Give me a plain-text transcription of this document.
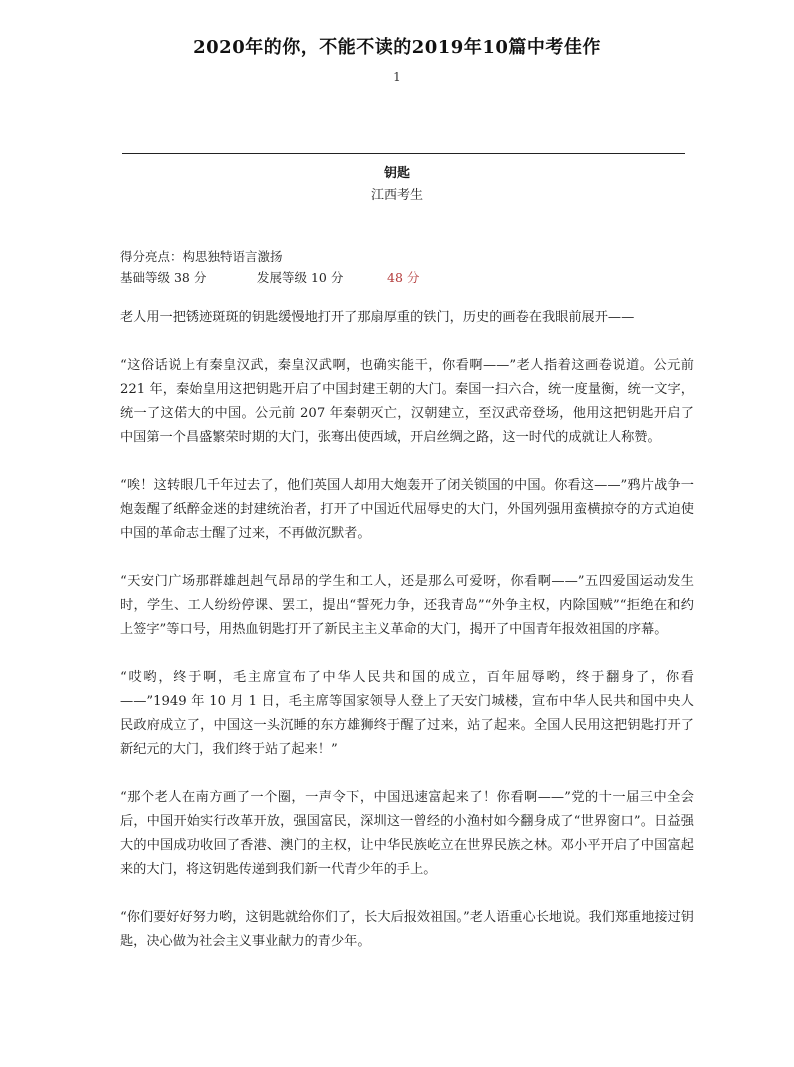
2020年的你，不能不读的2019年10篇中考佳作
1
钥匙
江西考生
得分亮点：构思独特语言激扬
基础等级 38 分	发展等级 10 分	48 分

老人用一把锈迹斑斑的钥匙缓慢地打开了那扇厚重的铁门，历史的画卷在我眼前展开——

“这俗话说上有秦皇汉武，秦皇汉武啊，也确实能干，你看啊——”老人指着这画卷说道。公元前 221 年，秦始皇用这把钥匙开启了中国封建王朝的大门。秦国一扫六合，统一度量衡，统一文字，统一了这偌大的中国。公元前 207 年秦朝灭亡，汉朝建立，至汉武帝登场，他用这把钥匙开启了中国第一个昌盛繁荣时期的大门，张骞出使西域，开启丝绸之路，这一时代的成就让人称赞。

“唉！这转眼几千年过去了，他们英国人却用大炮轰开了闭关锁国的中国。你看这——”鸦片战争一炮轰醒了纸醉金迷的封建统治者，打开了中国近代屈辱史的大门，外国列强用蛮横掠夺的方式迫使中国的革命志士醒了过来，不再做沉默者。

“天安门广场那群雄赳赳气昂昂的学生和工人，还是那么可爱呀，你看啊——”五四爱国运动发生时，学生、工人纷纷停课、罢工，提出“誓死力争，还我青岛”“外争主权，内除国贼”“拒绝在和约上签字”等口号，用热血钥匙打开了新民主主义革命的大门，揭开了中国青年报效祖国的序幕。

“哎哟，终于啊，毛主席宣布了中华人民共和国的成立，百年屈辱哟，终于翻身了，你看——”1949 年 10 月 1 日，毛主席等国家领导人登上了天安门城楼，宣布中华人民共和国中央人民政府成立了，中国这一头沉睡的东方雄狮终于醒了过来，站了起来。全国人民用这把钥匙打开了新纪元的大门，我们终于站了起来！”

“那个老人在南方画了一个圈，一声令下，中国迅速富起来了！你看啊——”党的十一届三中全会后，中国开始实行改革开放，强国富民，深圳这一曾经的小渔村如今翻身成了“世界窗口”。日益强大的中国成功收回了香港、澳门的主权，让中华民族屹立在世界民族之林。邓小平开启了中国富起来的大门，将这钥匙传递到我们新一代青少年的手上。

“你们要好好努力哟，这钥匙就给你们了，长大后报效祖国。”老人语重心长地说。我们郑重地接过钥匙，决心做为社会主义事业献力的青少年。
